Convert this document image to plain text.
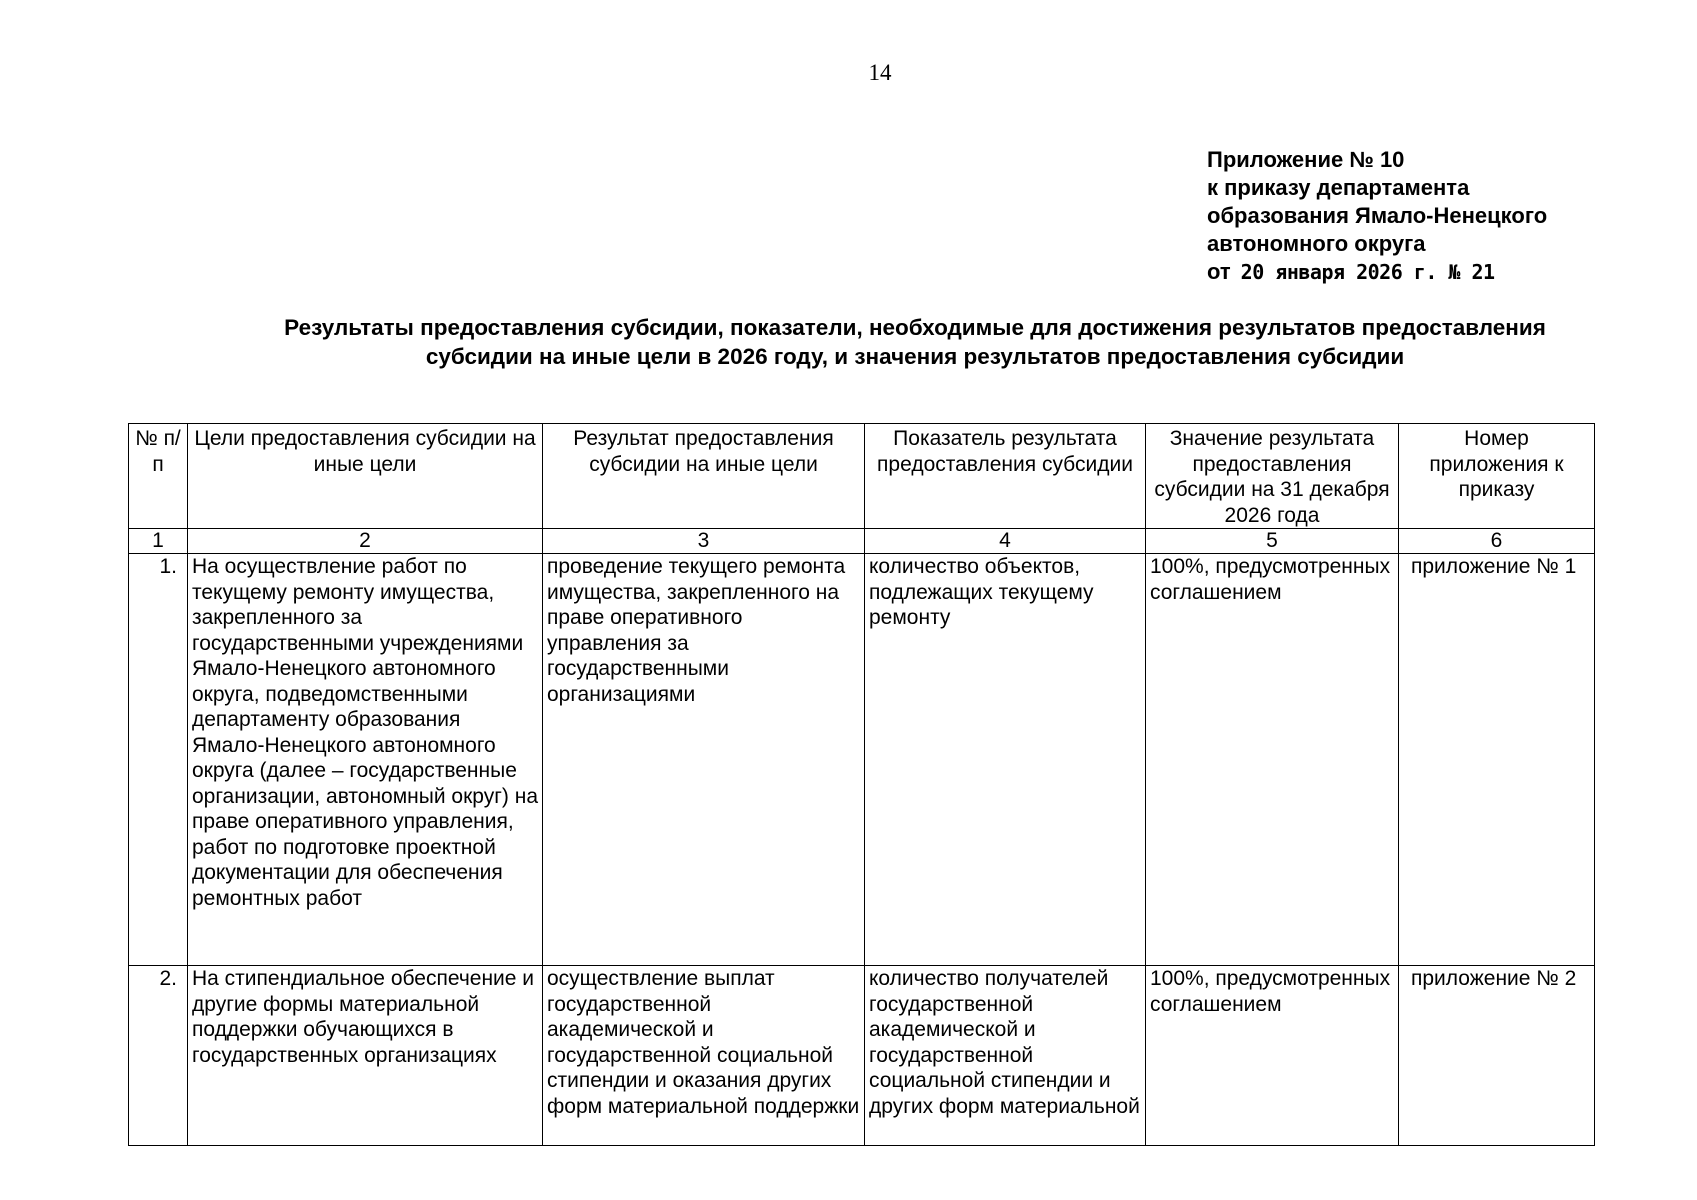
14
Приложение № 10
к приказу департамента
образования Ямало-Ненецкого
автономного округа
от 20 января 2026 г. № 21
Результаты предоставления субсидии, показатели, необходимые для достижения результатов предоставления
субсидии на иные цели в 2026 году, и значения результатов предоставления субсидии
№ п/п	Цели предоставления субсидии на иные цели	Результат предоставления субсидии на иные цели	Показатель результата предоставления субсидии	Значение результата предоставления субсидии на 31 декабря 2026 года	Номер приложения к приказу
1	2	3	4	5	6
1.	На осуществление работ по текущему ремонту имущества, закрепленного за государственными учреждениями Ямало-Ненецкого автономного округа, подведомственными департаменту образования Ямало-Ненецкого автономного округа (далее – государственные организации, автономный округ) на праве оперативного управления, работ по подготовке проектной документации для обеспечения ремонтных работ	проведение текущего ремонта имущества, закрепленного на праве оперативного управления за государственными организациями	количество объектов, подлежащих текущему ремонту	100%, предусмотренных соглашением	приложение № 1
2.	На стипендиальное обеспечение и другие формы материальной поддержки обучающихся в государственных организациях	осуществление выплат государственной академической и государственной социальной стипендии и оказания других форм материальной поддержки	количество получателей государственной академической и государственной социальной стипендии и других форм материальной	100%, предусмотренных соглашением	приложение № 2
